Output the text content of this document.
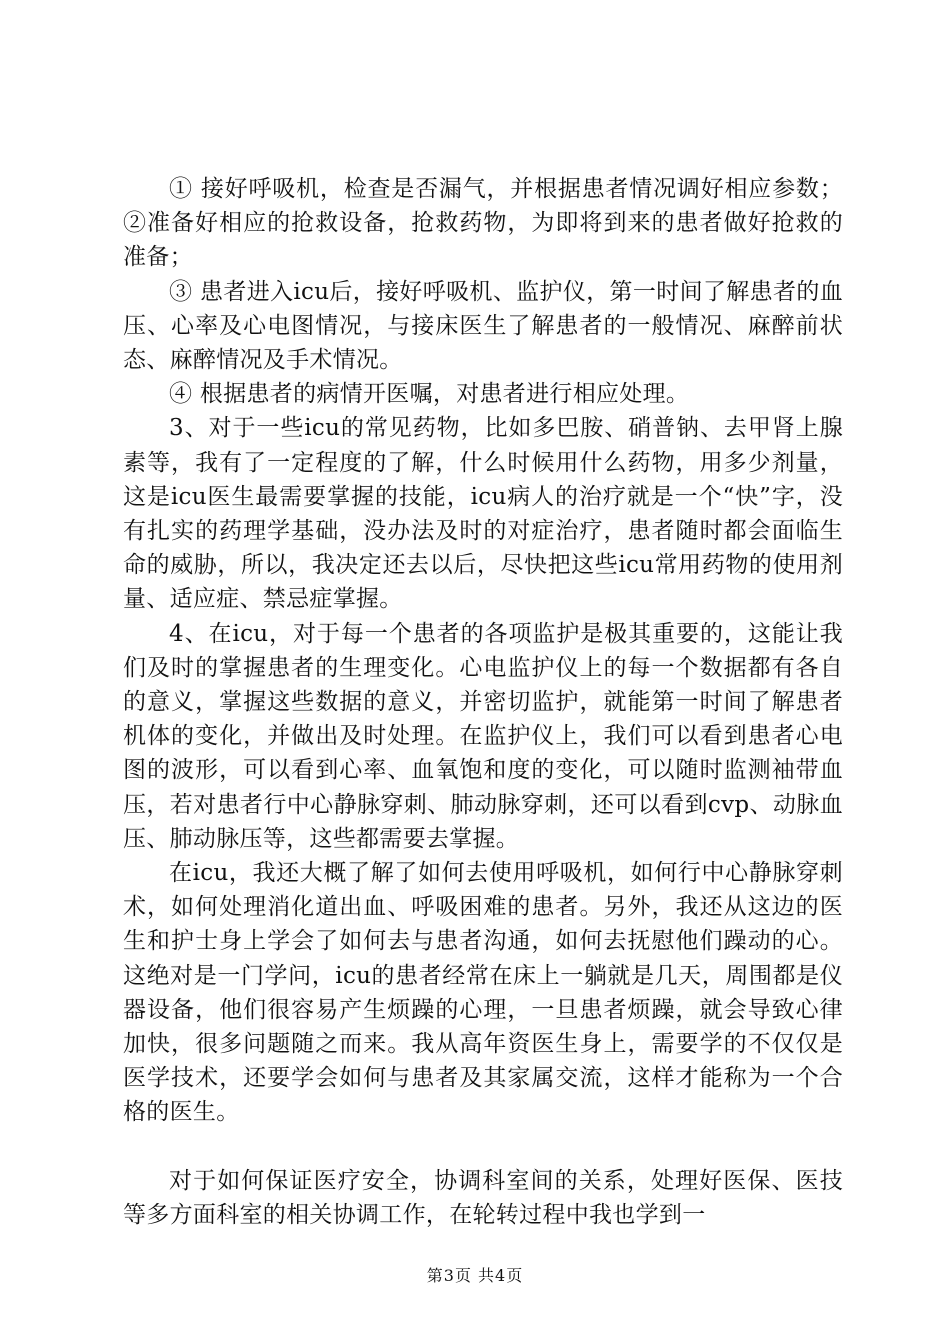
① 接好呼吸机，检查是否漏气，并根据患者情况调好相应参数；②准备好相应的抢救设备，抢救药物，为即将到来的患者做好抢救的准备；

③ 患者进入icu后，接好呼吸机、监护仪，第一时间了解患者的血压、心率及心电图情况，与接床医生了解患者的一般情况、麻醉前状态、麻醉情况及手术情况。

④ 根据患者的病情开医嘱，对患者进行相应处理。

3、对于一些icu的常见药物，比如多巴胺、硝普钠、去甲肾上腺素等，我有了一定程度的了解，什么时候用什么药物，用多少剂量，这是icu医生最需要掌握的技能，icu病人的治疗就是一个“快”字，没有扎实的药理学基础，没办法及时的对症治疗，患者随时都会面临生命的威胁，所以，我决定还去以后，尽快把这些icu常用药物的使用剂量、适应症、禁忌症掌握。

4、在icu，对于每一个患者的各项监护是极其重要的，这能让我们及时的掌握患者的生理变化。心电监护仪上的每一个数据都有各自的意义，掌握这些数据的意义，并密切监护，就能第一时间了解患者机体的变化，并做出及时处理。在监护仪上，我们可以看到患者心电图的波形，可以看到心率、血氧饱和度的变化，可以随时监测袖带血压，若对患者行中心静脉穿刺、肺动脉穿刺，还可以看到cvp、动脉血压、肺动脉压等，这些都需要去掌握。

在icu，我还大概了解了如何去使用呼吸机，如何行中心静脉穿刺术，如何处理消化道出血、呼吸困难的患者。另外，我还从这边的医生和护士身上学会了如何去与患者沟通，如何去抚慰他们躁动的心。这绝对是一门学问，icu的患者经常在床上一躺就是几天，周围都是仪器设备，他们很容易产生烦躁的心理，一旦患者烦躁，就会导致心律加快，很多问题随之而来。我从高年资医生身上，需要学的不仅仅是医学技术，还要学会如何与患者及其家属交流，这样才能称为一个合格的医生。

对于如何保证医疗安全，协调科室间的关系，处理好医保、医技等多方面科室的相关协调工作，在轮转过程中我也学到一

第3页 共4页
